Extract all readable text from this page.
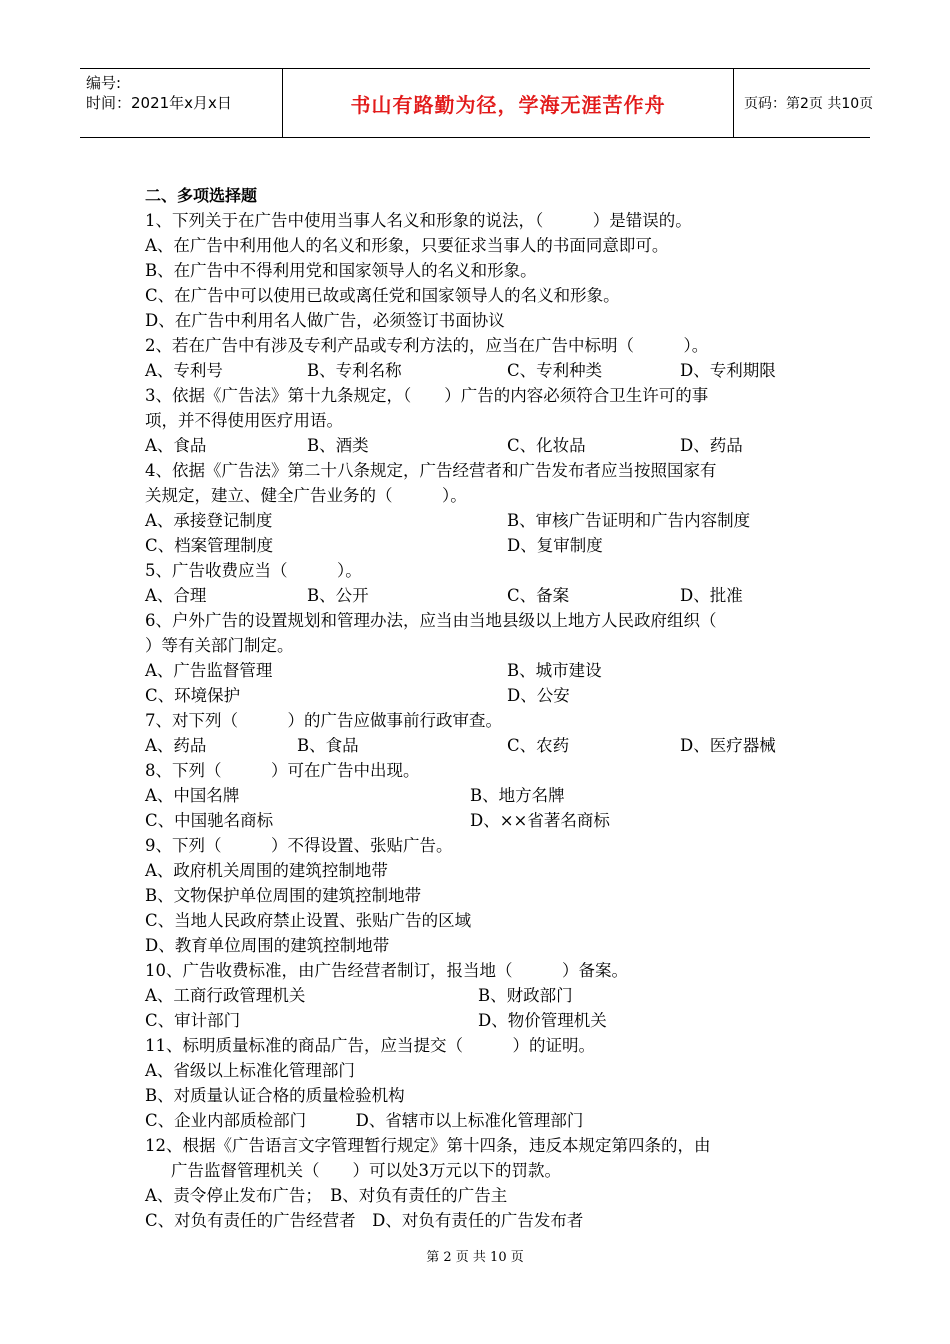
编号:
时间：2021年x月x日	书山有路勤为径，学海无涯苦作舟	页码：第2页 共10页
二、多项选择题
1、下列关于在广告中使用当事人名义和形象的说法，（　　　）是错误的。
A、在广告中利用他人的名义和形象，只要征求当事人的书面同意即可。
B、在广告中不得利用党和国家领导人的名义和形象。
C、在广告中可以使用已故或离任党和国家领导人的名义和形象。
D、在广告中利用名人做广告，必须签订书面协议
2、若在广告中有涉及专利产品或专利方法的，应当在广告中标明（　　　）。
A、专利号	B、专利名称	C、专利种类	D、专利期限
3、依据《广告法》第十九条规定，（　　）广告的内容必须符合卫生许可的事
项，并不得使用医疗用语。
A、食品	B、酒类	C、化妆品	D、药品
4、依据《广告法》第二十八条规定，广告经营者和广告发布者应当按照国家有
关规定，建立、健全广告业务的（　　　）。
A、承接登记制度	B、审核广告证明和广告内容制度
C、档案管理制度	D、复审制度
5、广告收费应当（　　　）。
A、合理	B、公开	C、备案	D、批准
6、户外广告的设置规划和管理办法，应当由当地县级以上地方人民政府组织（
）等有关部门制定。
A、广告监督管理	B、城市建设
C、环境保护	D、公安
7、对下列（　　　）的广告应做事前行政审查。
A、药品	B、食品	C、农药	D、医疗器械
8、下列（　　　）可在广告中出现。
A、中国名牌	B、地方名牌
C、中国驰名商标	D、××省著名商标
9、下列（　　　）不得设置、张贴广告。
A、政府机关周围的建筑控制地带
B、文物保护单位周围的建筑控制地带
C、当地人民政府禁止设置、张贴广告的区域
D、教育单位周围的建筑控制地带
10、广告收费标准，由广告经营者制订，报当地（　　　）备案。
A、工商行政管理机关	B、财政部门
C、审计部门	D、物价管理机关
11、标明质量标准的商品广告，应当提交（　　　）的证明。
A、省级以上标准化管理部门
B、对质量认证合格的质量检验机构
C、企业内部质检部门　　　D、省辖市以上标准化管理部门
12、根据《广告语言文字管理暂行规定》第十四条，违反本规定第四条的，由
广告监督管理机关（　　）可以处3万元以下的罚款。
A、责令停止发布广告；　B、对负有责任的广告主
C、对负有责任的广告经营者　D、对负有责任的广告发布者
第 2 页 共 10 页
